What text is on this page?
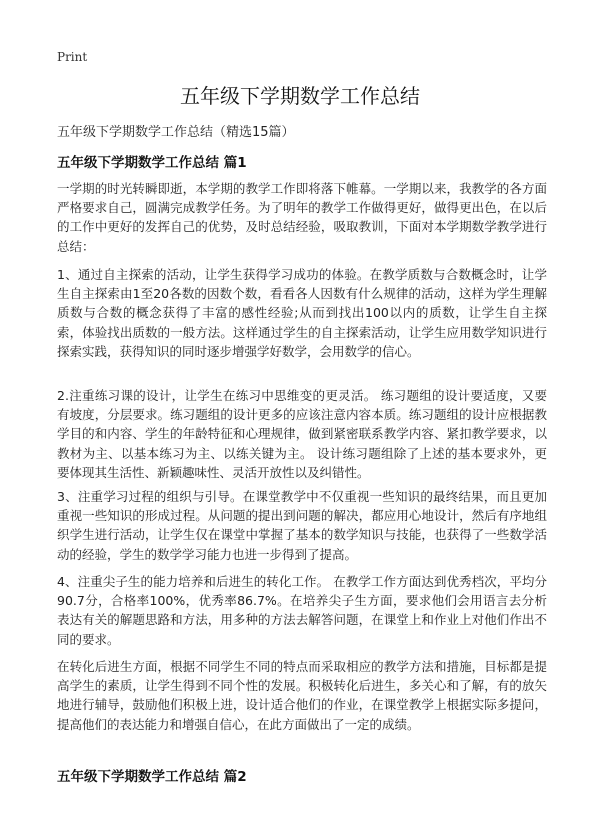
Print
五年级下学期数学工作总结
五年级下学期数学工作总结（精选15篇）
五年级下学期数学工作总结 篇1

一学期的时光转瞬即逝，本学期的教学工作即将落下帷幕。一学期以来，我教学的各方面严格要求自己，圆满完成教学任务。为了明年的教学工作做得更好，做得更出色，在以后的工作中更好的发挥自己的优势，及时总结经验，吸取教训，下面对本学期数学教学进行总结：

1、通过自主探索的活动，让学生获得学习成功的体验。在教学质数与合数概念时，让学生自主探索由1至20各数的因数个数，看看各人因数有什么规律的活动，这样为学生理解质数与合数的概念获得了丰富的感性经验;从而到找出100以内的质数，让学生自主探索，体验找出质数的一般方法。这样通过学生的自主探索活动，让学生应用数学知识进行探索实践，获得知识的同时逐步增强学好数学，会用数学的信心。

2.注重练习课的设计，让学生在练习中思维变的更灵活。 练习题组的设计要适度，又要有坡度，分层要求。练习题组的设计更多的应该注意内容本质。练习题组的设计应根据教学目的和内容、学生的年龄特征和心理规律，做到紧密联系教学内容、紧扣教学要求，以教材为主、以基本练习为主、以练关键为主。 设计练习题组除了上述的基本要求外，更要体现其生活性、新颖趣味性、灵活开放性以及纠错性。

3、注重学习过程的组织与引导。在课堂教学中不仅重视一些知识的最终结果，而且更加重视一些知识的形成过程。从问题的提出到问题的解决，都应用心地设计，然后有序地组织学生进行活动，让学生仅在课堂中掌握了基本的数学知识与技能，也获得了一些数学活动的经验，学生的数学学习能力也进一步得到了提高。

4、注重尖子生的能力培养和后进生的转化工作。 在教学工作方面达到优秀档次，平均分90.7分，合格率100%，优秀率86.7%。在培养尖子生方面，要求他们会用语言去分析表达有关的解题思路和方法，用多种的方法去解答问题，在课堂上和作业上对他们作出不同的要求。

在转化后进生方面，根据不同学生不同的特点而采取相应的教学方法和措施，目标都是提高学生的素质，让学生得到不同个性的发展。积极转化后进生，多关心和了解，有的放矢地进行辅导，鼓励他们积极上进，设计适合他们的作业，在课堂教学上根据实际多提问，提高他们的表达能力和增强自信心，在此方面做出了一定的成绩。

五年级下学期数学工作总结 篇2
